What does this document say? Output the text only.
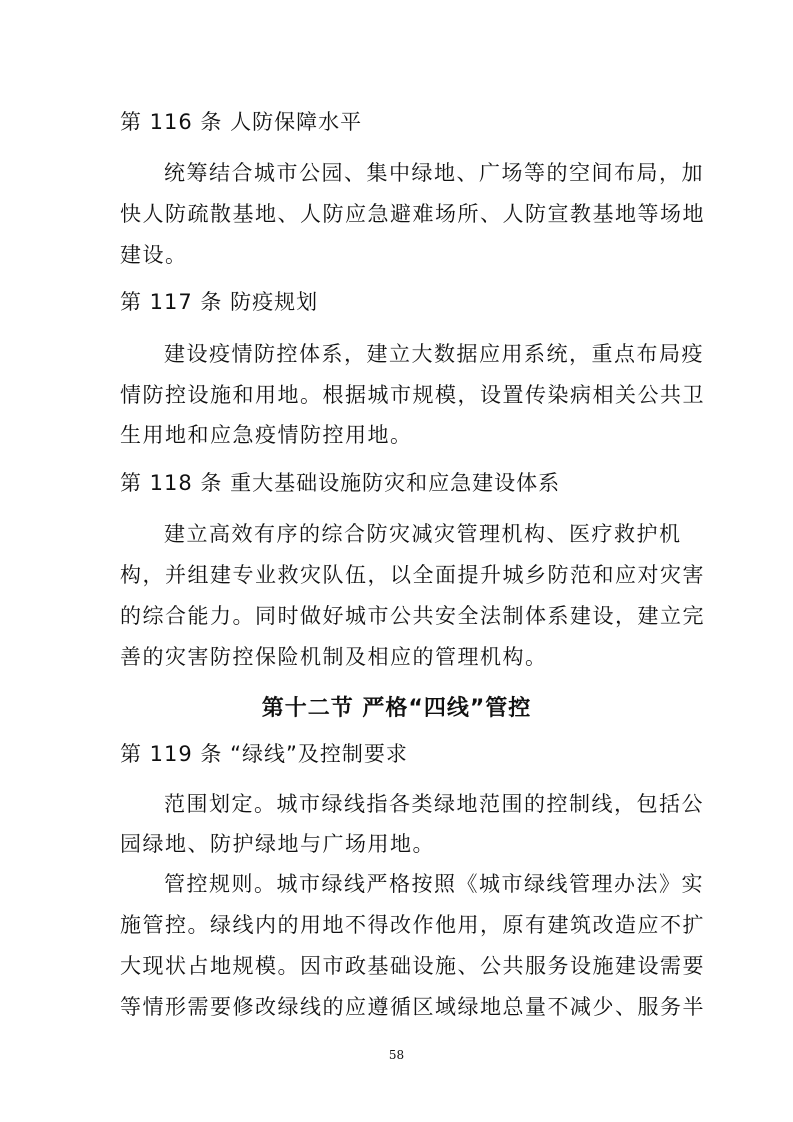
第 116 条 人防保障水平
统筹结合城市公园、集中绿地、广场等的空间布局，加
快人防疏散基地、人防应急避难场所、人防宣教基地等场地
建设。
第 117 条 防疫规划
建设疫情防控体系，建立大数据应用系统，重点布局疫
情防控设施和用地。根据城市规模，设置传染病相关公共卫
生用地和应急疫情防控用地。
第 118 条 重大基础设施防灾和应急建设体系
建立高效有序的综合防灾减灾管理机构、医疗救护机
构，并组建专业救灾队伍，以全面提升城乡防范和应对灾害
的综合能力。同时做好城市公共安全法制体系建设，建立完
善的灾害防控保险机制及相应的管理机构。
第十二节 严格“四线”管控
第 119 条 “绿线”及控制要求
范围划定。城市绿线指各类绿地范围的控制线，包括公
园绿地、防护绿地与广场用地。
管控规则。城市绿线严格按照《城市绿线管理办法》实
施管控。绿线内的用地不得改作他用，原有建筑改造应不扩
大现状占地规模。因市政基础设施、公共服务设施建设需要
等情形需要修改绿线的应遵循区域绿地总量不减少、服务半
58
